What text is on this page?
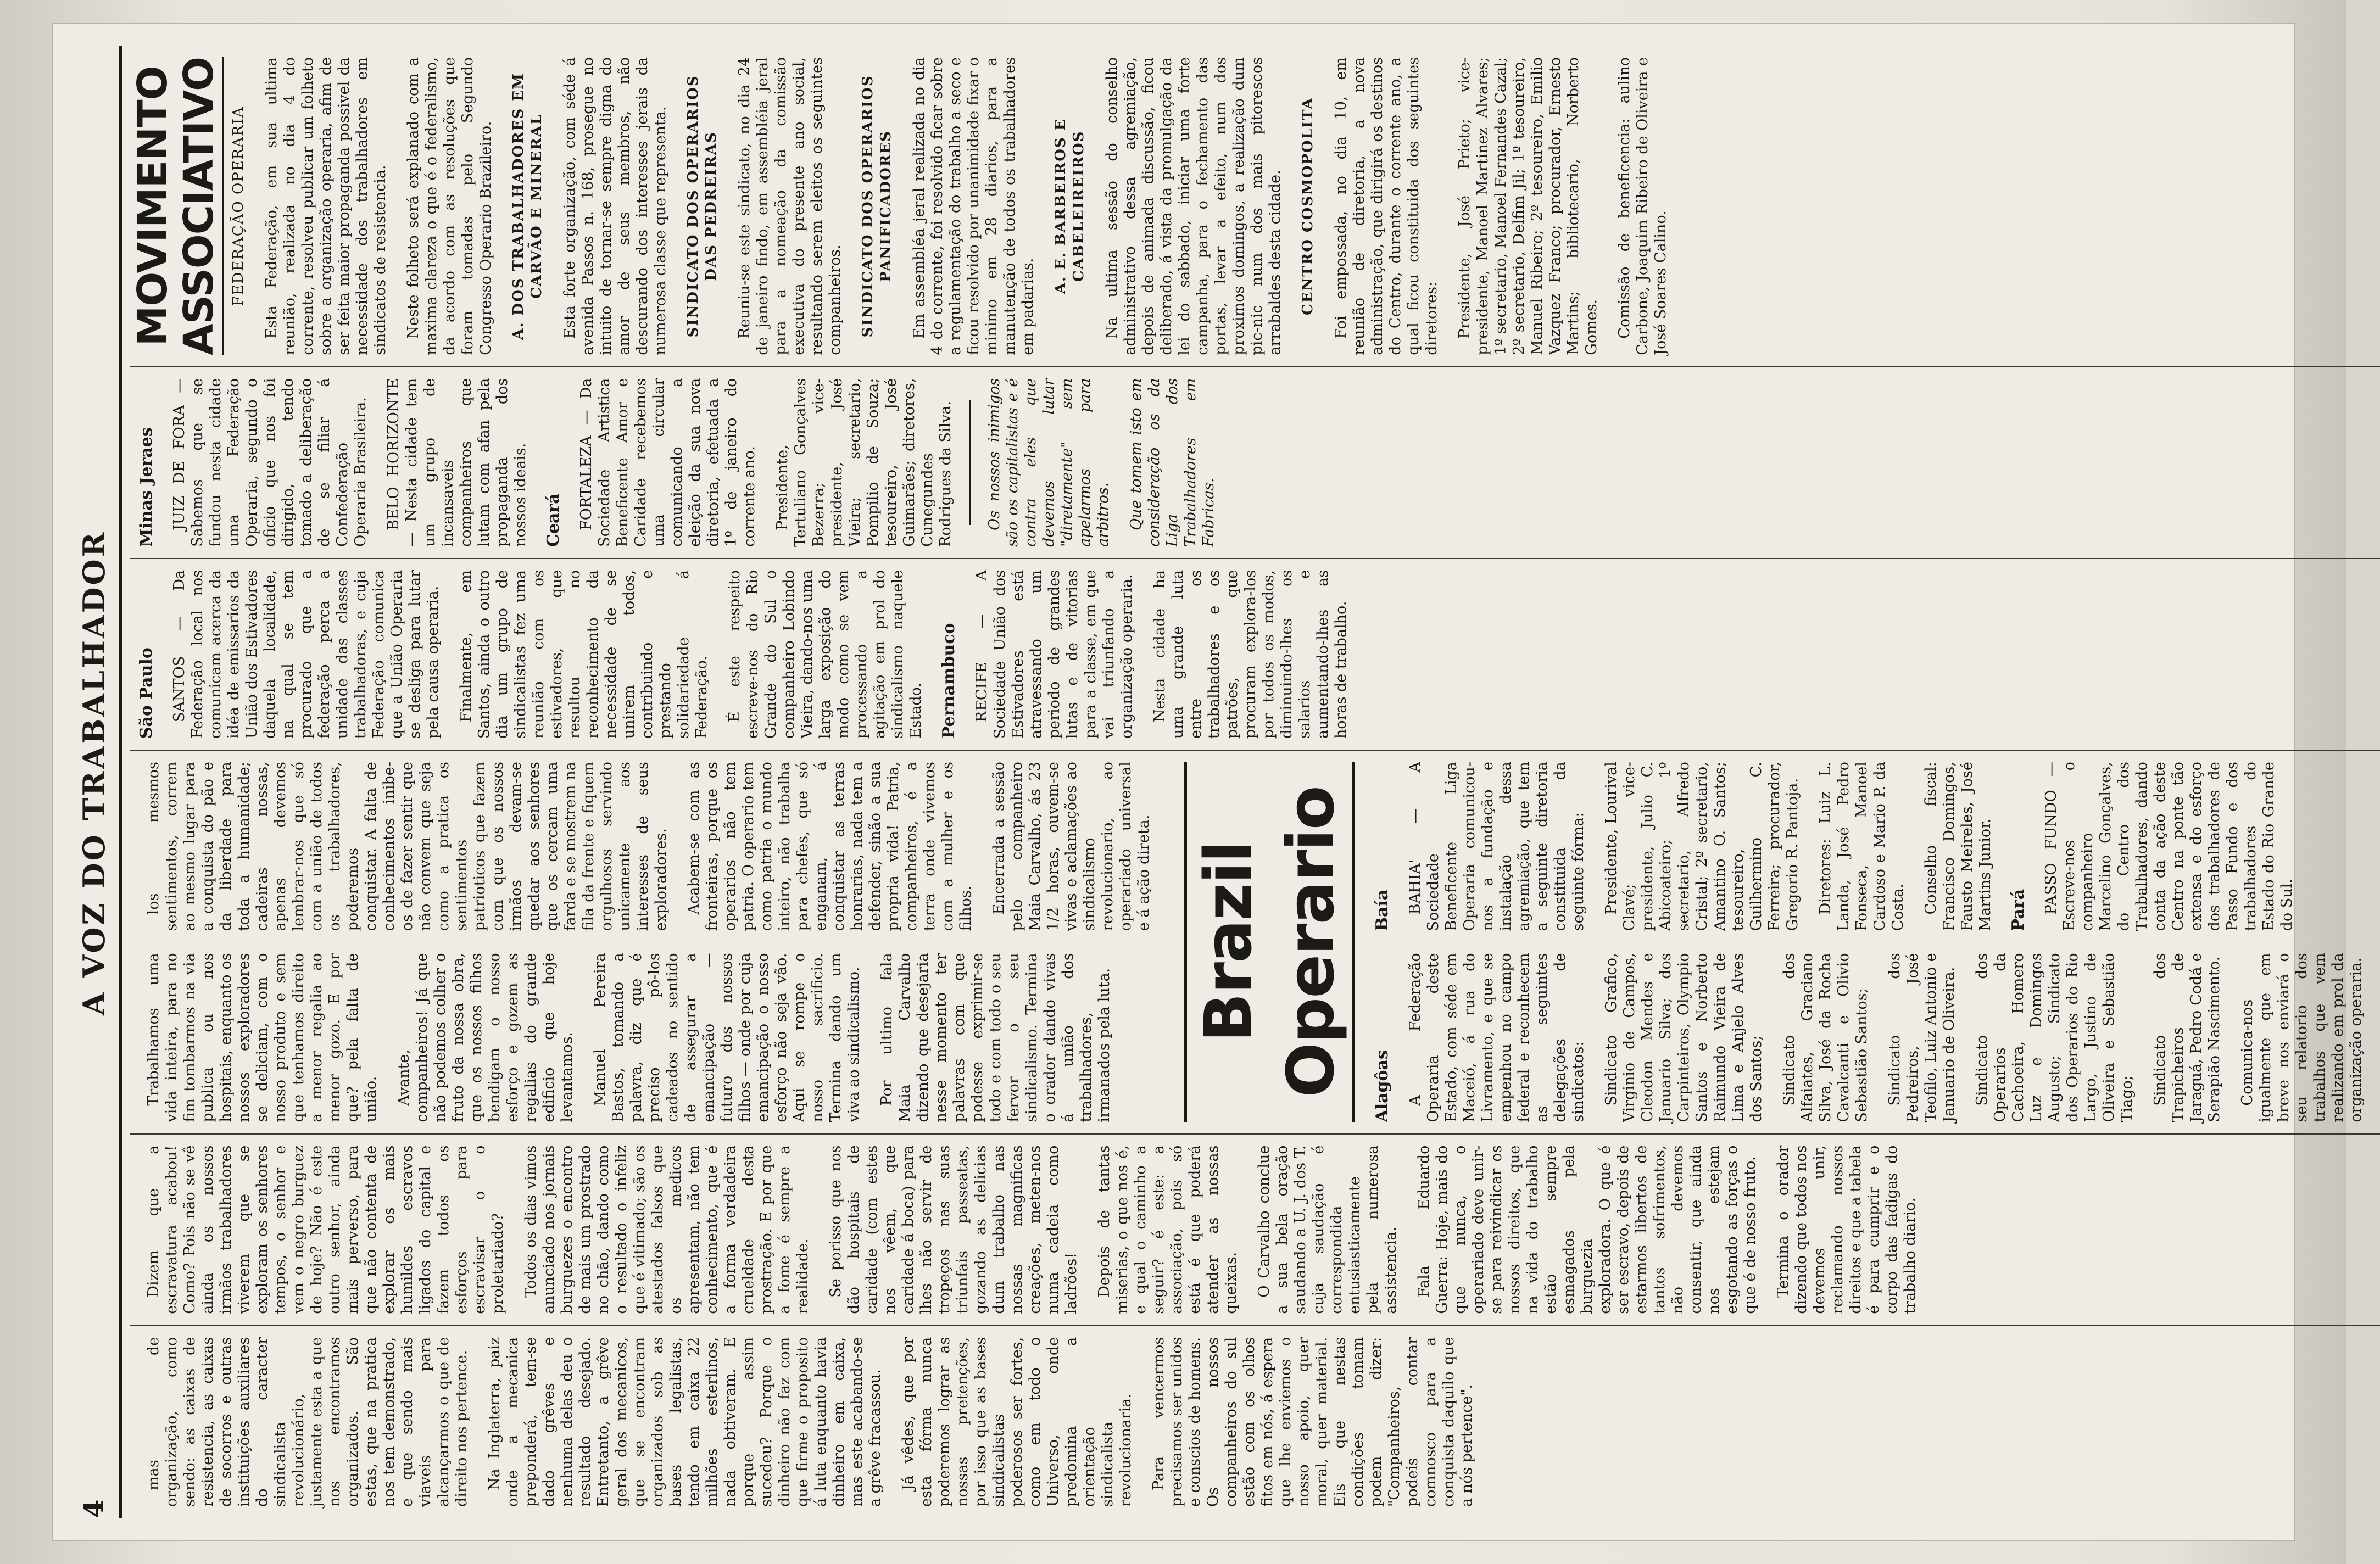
4
A VOZ DO TRABALHADOR

mas de organização, como sendo: as caixas de resistencia, as caixas de socorros e outras instituições auxiliares do caracter sindicalista revolucionário, justamente esta a que nos encontramos organizados. São estas, que na pratica nos tem demonstrado, e que sendo mais viaveis para alcançarmos o que de direito nos pertence. Na Inglaterra, paiz onde a mecanica preponderá, tem-se dado grêves e nenhuma delas deu o resultado desejado. Entretanto, a grêve geral dos mecanicos, que se encontram organizados sob as bases legalistas, tendo em caixa 22 milhões esterlinos, nada obtiveram. E porque assim sucedeu? Porque o dinheiro não faz com que firme o proposito á luta enquanto havia dinheiro em caixa, mas este acabando-se a grêve fracassou. Já vêdes, que por esta fórma nunca poderemos lograr as nossas pretenções, por isso que as bases sindicalistas poderosos ser fortes, como em todo o Universo, onde predomina a orientação sindicalista revolucionaria. Para vencermos precisamos ser unidos e conscios de homens. Os nossos companheiros do sul estão com os olhos fitos em nós, á espera que lhe enviemos o nosso apoio, quer moral, quer material. Eis que nestas condições tomam podem dizer: "Companheiros, podeis contar comnosco para a conquista daquilo que a nós pertence".

Dizem que a escravatura acabou! Como? Pois não se vê ainda os nossos irmãos trabalhadores viverem que se exploram os senhores tempos, o senhor e vem o negro burguez de hoje? Não é este outro senhor, ainda mais perverso, para que não contenta de explorar os mais humildes escravos ligados do capital e fazem todos os esforços para escravisar o o proletariado? Todos os dias vimos anunciado nos jornais burguezes o encontro de mais um prostrado no chão, dando como o resultado o infeliz que é vitimado; são os atestados falsos que os medicos apresentam, não tem conhecimento, que é a forma verdadeira crueldade desta prostração. E por que a fome é sempre a realidade. Se porisso que nos dão hospitais de caridade (com estes nos vêem, que caridade á boca) para lhes não servir de tropeços nas suas triunfais passeatas, gozando as delicias dum trabalho nas nossas magnificas creações, meten-nos numa cadeia como ladrões! Depois de tantas miserias, o que nos é, e qual o caminho a seguir? é este: a associação, pois só está é que poderá atender as nossas queixas. O Carvalho conclue a sua bela oração saudando a U. J. dos T. cuja saudação é correspondida entusiasticamente pela numerosa assistencia. Fala Eduardo Guerra: Hoje, mais do que nunca, o operariado deve unir-se para reivindicar os nossos direitos, que na vida do trabalho estão sempre esmagados pela burguezia exploradora. O que é ser escravo, depois de estarmos libertos de tantos sofrimentos, não devemos consentir, que ainda nos estejam esgotando as forças o que é de nosso fruto. Termina o orador dizendo que todos nos devemos unir, reclamando nossos direitos e que a tabela é para cumprir e o corpo das fadigas do trabalho diario.

Trabalhamos uma vida inteira, para no fim tombarmos na via publica ou nos hospitais, enquanto os nossos exploradores se deliciam, com o nosso produto e sem que tenhamos direito a menor regalia ao menor gozo. E por que? pela falta de união. Avante, companheiros! Já que não podemos colher o fruto da nossa obra, que os nossos filhos bendigam o nosso esforço e gozem as regalias do grande edificio que hoje levantamos. Manuel Pereira Bastos, tomando a palavra, diz que é preciso pô-los cadeados no sentido de assegurar a emancipação — futuro dos nossos filhos — onde por cuja emancipação o nosso esforço não seja vão. Aqui se rompe o nosso sacrificio. Termina dando um viva ao sindicalismo. Por ultimo fala Maia Carvalho dizendo que desejaria nesse momento ter palavras com que podesse exprimir-se todo e com todo o seu fervor o seu sindicalismo. Termina o orador dando vivas á união dos trabalhadores, irmanados pela luta.

los mesmos sentimentos, correm ao mesmo lugar para a conquista do pão e da liberdade para toda a humanidade; cadeiras nossas, apenas devemos lembrar-nos que só com a união de todos os trabalhadores, poderemos conquistar. A falta de conhecimentos inibe-os de fazer sentir que não convem que seja como a pratica os sentimentos patrioticos que fazem com que os nossos irmãos devam-se quedar aos senhores que os cercam uma farda e se mostrem na fila da frente e fiquem orgulhosos servindo unicamente aos interesses de seus exploradores. Acabem-se com as fronteiras, porque os operarios não tem patria. O operario tem como patria o mundo inteiro, não trabalha para chefes, que só enganam, á conquistar as terras honrarias, nada tem a defender, sinão a sua propria vida! Patria, companheiros, é a terra onde vivemos com a mulher e os filhos. Encerrada a sessão pelo companheiro Maia Carvalho, ás 23 1/2 horas, ouvem-se vivas e aclamações ao sindicalismo revolucionario, ao operariado universal e á ação direta. Brazil Operario	Alagôas A Federação Operaria deste Estado, com séde em Maceió, á rua do Livramento, e que se empenhou no campo federal e reconhecem as seguintes delegações de sindicatos: Sindicato Grafico, Virginio de Campos, Cleodon Mendes e Januario Silva; dos Carpinteiros, Olympio Santos e Norberto Raimundo Vieira de Lima e Anjelo Alves dos Santos; Sindicato dos Alfaiates, Graciano Silva, José da Rocha Cavalcanti e Olivio Sebastião Santos; Sindicato dos Pedreiros, José Teofilo, Luiz Antonio e Januario de Oliveira. Sindicato dos Operarios da Cachoeira, Homero Luz e Domingos Augusto; Sindicato dos Operarios do Rio Largo, Justino de Oliveira e Sebastião Tiago; Sindicato dos Trapicheiros de Jaraguá, Pedro Codá e Serapião Nascimento. Comunica-nos igualmente que em breve nos enviará o seu relatorio dos trabalhos que vem realizando em prol da organização operaria.

Baía BAHIA' — A Sociedade Beneficente Liga Operaria comunicou-nos a fundação e instalação dessa agremiação, que tem a seguinte diretoria constituida da seguinte fórma: Presidente, Lourival Clavé; vice-presidente, Julio C. Abicoateiro; 1º secretario, Alfredo Cristal; 2º secretario, Amantino O. Santos; tesoureiro, Guilhermino C. Ferreira; procurador, Gregorio R. Pantoja. Diretores: Luiz L. Landa, José Pedro Fonseca, Manoel Cardoso e Mario P. da Costa. Conselho fiscal: Francisco Domingos, Fausto Meireles, José Martins Junior. Pará PASSO FUNDO — Escreve-nos o companheiro Marcelino Gonçalves, do Centro dos Trabalhadores, dando conta da ação deste Centro na ponte tão extensa e do esforço dos trabalhadores de Passo Fundo e dos trabalhadores do Estado do Rio Grande do Sul.

São Paulo SANTOS — Da Federação local nos comunicam acerca da idéa de emissarios da União dos Estivadores daquela localidade, na qual se tem procurado que a federação perca a unidade das classes trabalhadoras, e cuja Federação comunica que a União Operaria se desliga para lutar pela causa operaria. Finalmente, em Santos, ainda o outro dia um grupo de sindicalistas fez uma reunião com os estivadores, que resultou no reconhecimento da necessidade de se unirem todos, contribuindo e prestando solidariedade á Federação. É este respeito escreve-nos do Rio Grande do Sul o companheiro Lobindo Vieira, dando-nos uma larga exposição do modo como se vem processando a agitação em prol do sindicalismo naquele Estado. Pernambuco RECIFE — A Sociedade União dos Estivadores está atravessando um periodo de grandes lutas e de vitorias para a classe, em que vai triunfando a organização operaria. Nesta cidade ha uma grande luta entre os trabalhadores e os patrões, que procuram explora-los por todos os modos, diminuindo-lhes os salarios e aumentando-lhes as horas de trabalho.

Minas Jeraes JUIZ DE FORA — Sabemos que se fundou nesta cidade uma Federação Operaria, segundo o oficio que nos foi dirigido, tendo tomado a deliberação de se filiar á Confederação Operaria Brasileira. BELO HORIZONTE — Nesta cidade tem um grupo de incansaveis companheiros que lutam com afan pela propaganda dos nossos ideais. Ceará FORTALEZA — Da Sociedade Artistica Beneficente Amor e Caridade recebemos uma circular comunicando a eleição da sua nova diretoria, efetuada a 1º de janeiro do corrente ano. Presidente, Tertuliano Gonçalves Bezerra; vice-presidente, José Vieira; secretario, Pompilio de Souza; tesoureiro, José Guimarães; diretores, Cunegundes Rodrigues da Silva. Os nossos inimigos são os capitalistas e é contra eles que devemos lutar "diretamente" sem apelarmos para arbitros. Que tomem isto em consideração os da Liga dos Trabalhadores em Fabricas.

MOVIMENTO ASSOCIATIVO FEDERAÇÃO OPERARIA Esta Federação, em sua ultima reunião, realizada no dia 4 do corrente, resolveu publicar um folheto sobre a organização operaria, afim de ser feita maior propaganda possivel da necessidade dos trabalhadores em sindicatos de resistencia. Neste folheto será explanado com a maxima clareza o que é o federalismo, da acordo com as resoluções que foram tomadas pelo Segundo Congresso Operario Brazileiro. A. DOS TRABALHADORES EM CARVÃO E MINERAL Esta forte organização, com séde á avenida Passos n. 168, prosegue no intuito de tornar-se sempre digna do amor de seus membros, não descurando dos interesses jerais da numerosa classe que representa. SINDICATO DOS OPERARIOS DAS PEDREIRAS Reuniu-se este sindicato, no dia 24 de janeiro findo, em assembléia jeral para a nomeação da comissão executiva do presente ano social, resultando serem eleitos os seguintes companheiros. SINDICATO DOS OPERARIOS PANIFICADORES Em assembléa jeral realizada no dia 4 do corrente, foi resolvido ficar sobre a regulamentação do trabalho a seco e ficou resolvido por unanimidade fixar o minimo em 28 diarios, para a manutenção de todos os trabalhadores em padarias.

A. E. BARBEIROS E CABELEIREIROS Na ultima sessão do conselho administrativo dessa agremiação, depois de animada discussão, ficou deliberado, á vista da promulgação da lei do sabbado, iniciar uma forte campanha, para o fechamento das portas, levar a efeito, num dos proximos domingos, a realização dum pic-nic num dos mais pitorescos arrabaldes desta cidade. CENTRO COSMOPOLITA Foi empossada, no dia 10, em reunião de diretoria, a nova administração, que dirigirá os destinos do Centro, durante o corrente ano, a qual ficou constituida dos seguintes diretores: Presidente, José Prieto; vice-presidente, Manoel Martinez Alvares; 1º secretario, Manoel Fernandes Cazal; 2º secretario, Delfim Jil; 1º tesoureiro, Manuel Ribeiro; 2º tesoureiro, Emilio Vazquez Franco; procurador, Ernesto Martins; bibliotecario, Norberto Gomes. Comissão de beneficencia: aulino Carbone, Joaquim Ribeiro de Oliveira e José Soares Calino.
